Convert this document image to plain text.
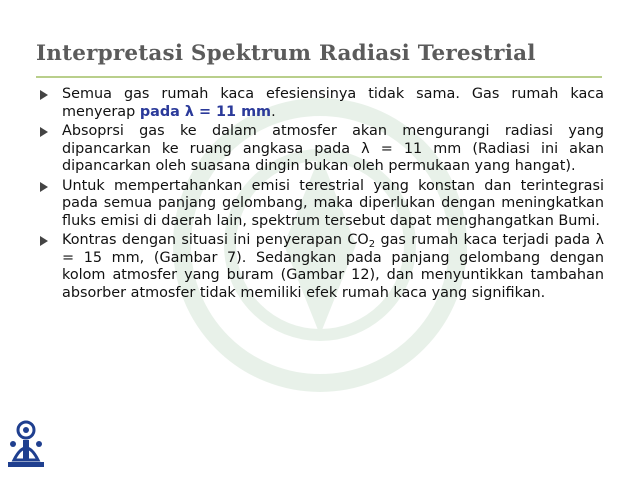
Interpretasi Spektrum Radiasi Terestrial
Semua gas rumah kaca efesiensinya tidak sama. Gas rumah kaca menyerap pada λ = 11 mm.
Absoprsi gas ke dalam atmosfer akan mengurangi radiasi yang dipancarkan ke ruang angkasa pada λ = 11 mm (Radiasi ini akan dipancarkan oleh suasana dingin bukan oleh permukaan yang hangat).
Untuk mempertahankan emisi terestrial yang konstan dan terintegrasi pada semua panjang gelombang, maka diperlukan dengan meningkatkan fluks emisi di daerah lain, spektrum tersebut dapat menghangatkan Bumi.
Kontras dengan situasi ini penyerapan $CO_2$ gas rumah kaca terjadi pada λ = 15 mm, (Gambar 7). Sedangkan pada panjang gelombang dengan kolom atmosfer yang buram (Gambar 12), dan menyuntikkan tambahan absorber atmosfer tidak memiliki efek rumah kaca yang signifikan.
